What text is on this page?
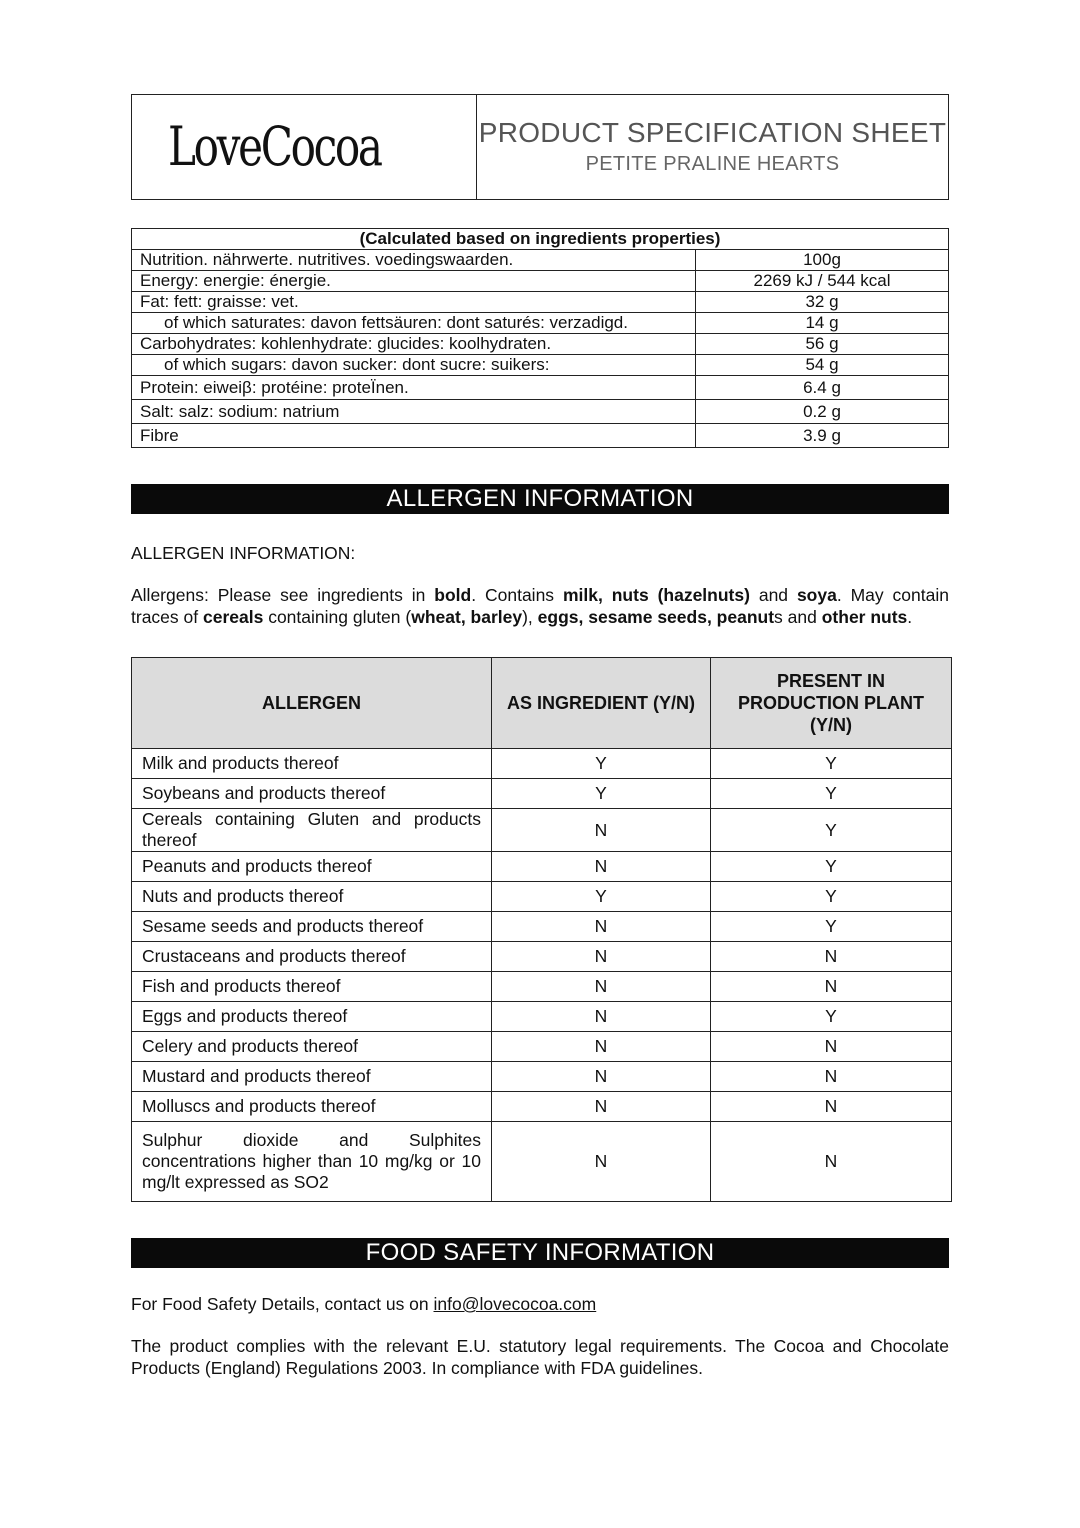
LoveCocoa	PRODUCT SPECIFICATION SHEET
PETITE PRALINE HEARTS
(Calculated based on ingredients properties)	
Nutrition. nährwerte. nutritives. voedingswaarden.	100g
Energy: energie: énergie.	2269 kJ / 544 kcal
Fat: fett: graisse: vet.	32 g
of which saturates: davon fettsäuren: dont saturés: verzadigd.	14 g
Carbohydrates: kohlenhydrate: glucides: koolhydraten.	56 g
of which sugars: davon sucker: dont sucre: suikers:	54 g
Protein: eiweiβ: protéine: proteÏnen.	6.4 g
Salt: salz: sodium: natrium	0.2 g
Fibre	3.9 g
ALLERGEN INFORMATION
ALLERGEN INFORMATION:
Allergens: Please see ingredients in bold. Contains milk, nuts (hazelnuts) and soya. May contain traces of cereals containing gluten (wheat, barley), eggs, sesame seeds, peanuts and other nuts.
ALLERGEN	AS INGREDIENT (Y/N)	PRESENT IN PRODUCTION PLANT (Y/N)
Milk and products thereof	Y	Y
Soybeans and products thereof	Y	Y
Cereals containing Gluten and products thereof	N	Y
Peanuts and products thereof	N	Y
Nuts and products thereof	Y	Y
Sesame seeds and products thereof	N	Y
Crustaceans and products thereof	N	N
Fish and products thereof	N	N
Eggs and products thereof	N	Y
Celery and products thereof	N	N
Mustard and products thereof	N	N
Molluscs and products thereof	N	N
Sulphur dioxide and Sulphites concentrations higher than 10 mg/kg or 10 mg/lt expressed as SO2	N	N
FOOD SAFETY INFORMATION
For Food Safety Details, contact us on info@lovecocoa.com
The product complies with the relevant E.U. statutory legal requirements. The Cocoa and Chocolate Products (England) Regulations 2003. In compliance with FDA guidelines.
